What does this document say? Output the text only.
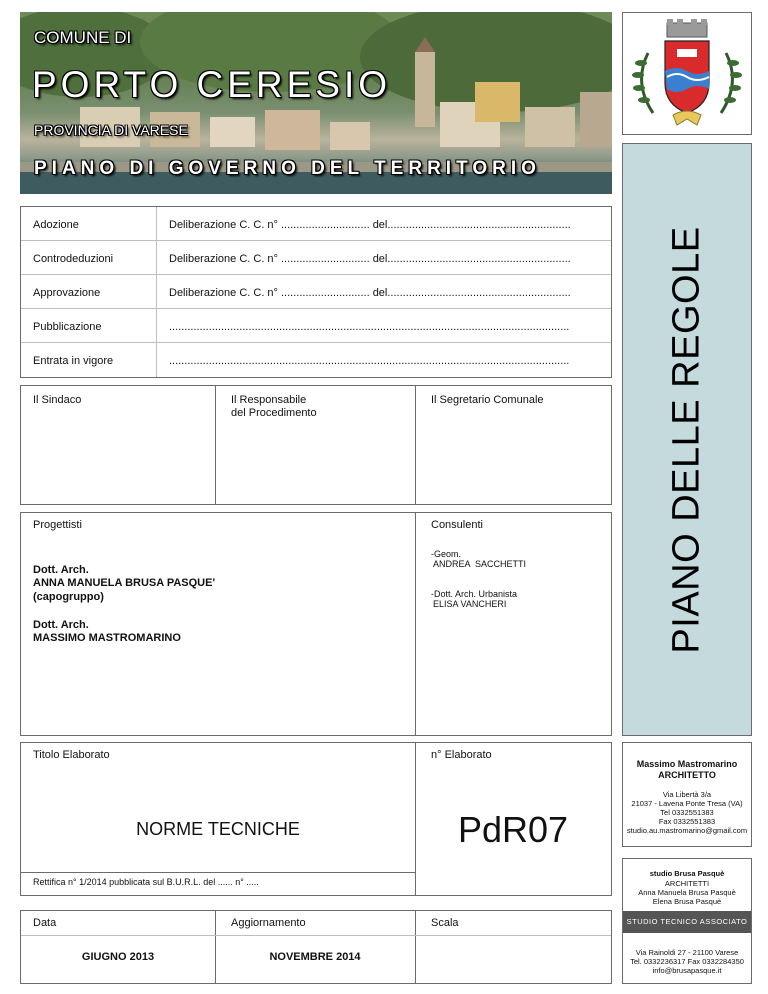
COMUNE DI
PORTO CERESIO
PROVINCIA DI VARESE
PIANO DI GOVERNO DEL TERRITORIO
PIANO DELLE REGOLE
Adozione	Deliberazione C. C. n° ............................. del............................................................
Controdeduzioni	Deliberazione C. C. n° ............................. del............................................................
Approvazione	Deliberazione C. C. n° ............................. del............................................................
Pubblicazione	...................................................................................................................................
Entrata in vigore	...................................................................................................................................
Il Sindaco	Il Responsabile
del Procedimento
Il Segretario Comunale
Progettisti
Dott. Arch.
ANNA MANUELA BRUSA PASQUE'
(capogruppo)
Dott. Arch.
MASSIMO MASTROMARINO
Consulenti
-Geom.
ANDREA  SACCHETTI
-Dott. Arch. Urbanista
ELISA VANCHERI
Titolo Elaborato	n° Elaborato
NORME TECNICHE	PdR07
Rettifica n° 1/2014 pubblicata sul B.U.R.L. del ...... n° .....
Data	Aggiornamento	Scala
GIUGNO 2013	NOVEMBRE 2014
Massimo Mastromarino
ARCHITETTO
Via Libertà 3/a
21037 - Lavena Ponte Tresa (VA)
Tel 0332551383
Fax 0332551383
studio.au.mastromarino@gmail.com
studio Brusa Pasquè
ARCHITETTI
Anna Manuela Brusa Pasquè
Elena Brusa Pasquè
STUDIO TECNICO ASSOCIATO
Via Rainoldi 27 - 21100 Varese
Tel. 0332236317 Fax 0332284350
info@brusapasque.it
